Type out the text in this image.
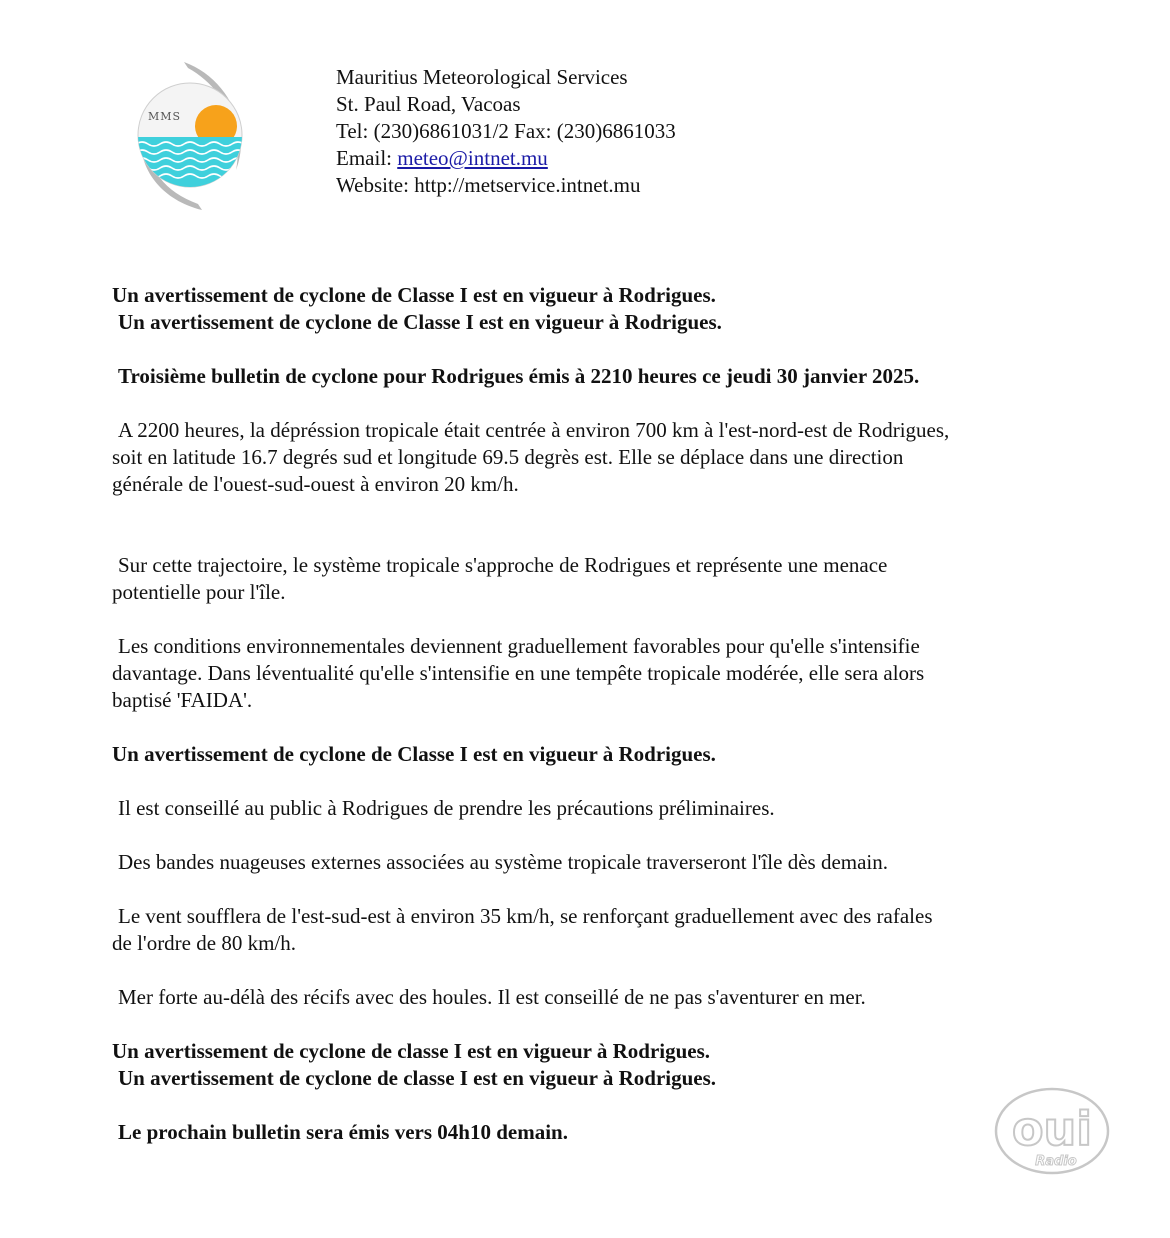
MMS
Mauritius Meteorological Services
St. Paul Road, Vacoas
Tel: (230)6861031/2 Fax: (230)6861033
Email: meteo@intnet.mu
Website: http://metservice.intnet.mu

Un avertissement de cyclone de Classe I est en vigueur à Rodrigues.

Un avertissement de cyclone de Classe I est en vigueur à Rodrigues.

Troisième bulletin de cyclone pour Rodrigues émis à 2210 heures ce jeudi 30 janvier 2025.

A 2200 heures, la dépréssion tropicale était centrée à environ 700 km à l'est-nord-est de Rodrigues,

soit en latitude 16.7 degrés sud et longitude 69.5 degrès est. Elle se déplace dans une direction

générale de l'ouest-sud-ouest à environ 20 km/h.

Sur cette trajectoire, le système tropicale s'approche de Rodrigues et représente une menace

potentielle pour l'île.

Les conditions environnementales deviennent graduellement favorables pour qu'elle s'intensifie

davantage. Dans léventualité qu'elle s'intensifie en une tempête tropicale modérée, elle sera alors

baptisé 'FAIDA'.

Un avertissement de cyclone de Classe I est en vigueur à Rodrigues.

Il est conseillé au public à Rodrigues de prendre les précautions préliminaires.

Des bandes nuageuses externes associées au système tropicale traverseront l'île dès demain.

Le vent soufflera de l'est-sud-est à environ 35 km/h, se renforçant graduellement avec des rafales

de l'ordre de 80 km/h.

Mer forte au-délà des récifs avec des houles. Il est conseillé de ne pas s'aventurer en mer.

Un avertissement de cyclone de classe I est en vigueur à Rodrigues.

Un avertissement de cyclone de classe I est en vigueur à Rodrigues.

Le prochain bulletin sera émis vers 04h10 demain.	oui
Radio
